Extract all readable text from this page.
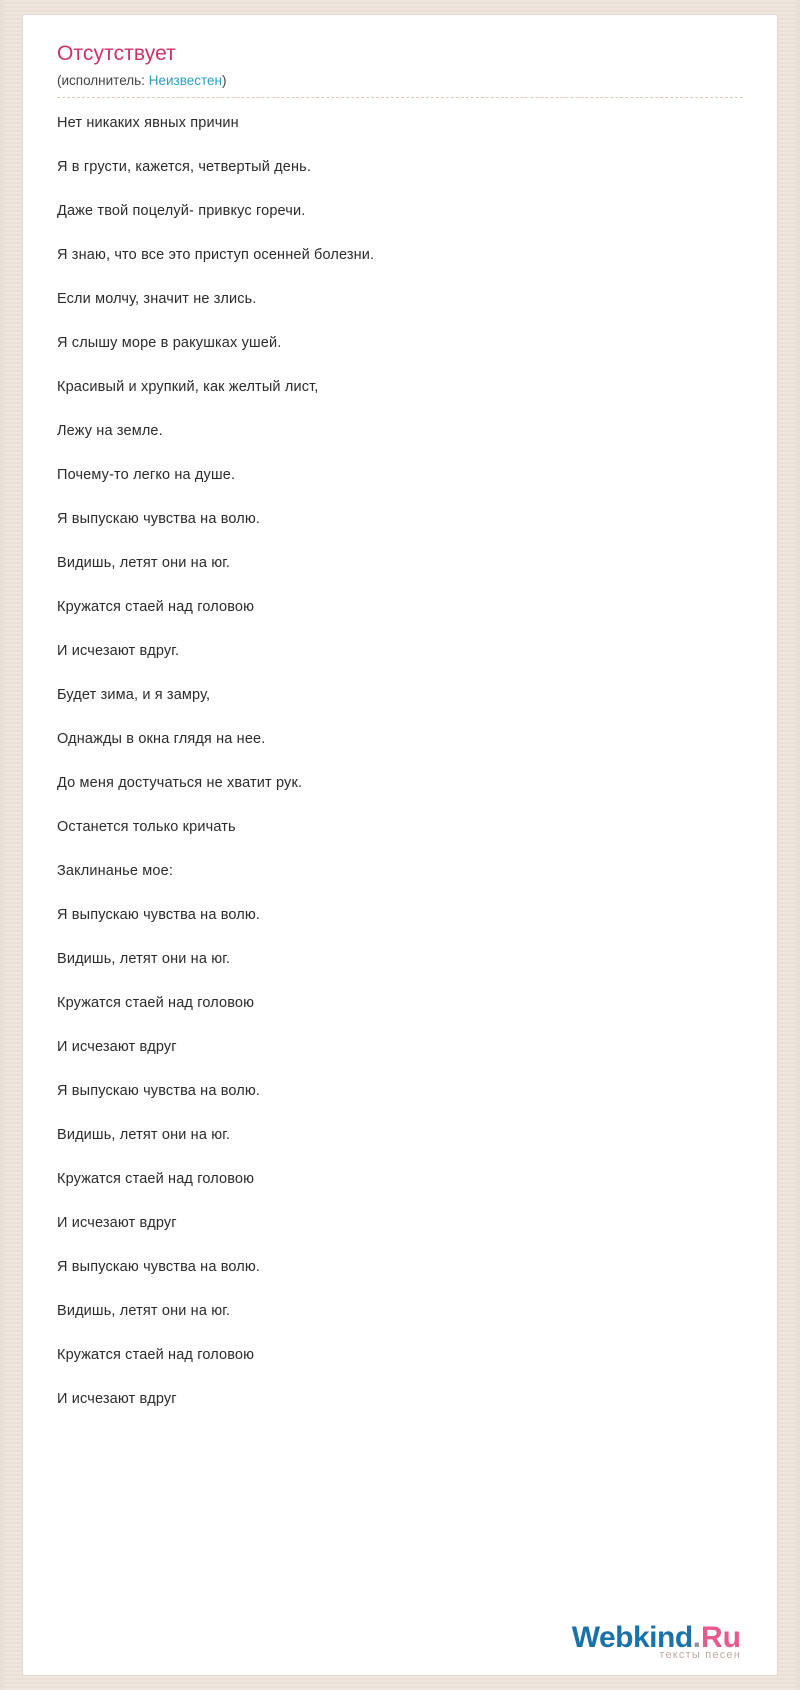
Отсутствует
(исполнитель: Неизвестен)

Нет никаких явных причин

Я в грусти, кажется, четвертый день.

Даже твой поцелуй- привкус горечи.

Я знаю, что все это приступ осенней болезни.

Если молчу, значит не злись.

Я слышу море в ракушках ушей.

Красивый и хрупкий, как желтый лист,

Лежу на земле.

Почему-то легко на душе.

Я выпускаю чувства на волю.

Видишь, летят они на юг.

Кружатся стаей над головою

И исчезают вдруг.

Будет зима, и я замру,

Однажды в окна глядя на нее.

До меня достучаться не хватит рук.

Останется только кричать

Заклинанье мое:

Я выпускаю чувства на волю.

Видишь, летят они на юг.

Кружатся стаей над головою

И исчезают вдруг

Я выпускаю чувства на волю.

Видишь, летят они на юг.

Кружатся стаей над головою

И исчезают вдруг

Я выпускаю чувства на волю.

Видишь, летят они на юг.

Кружатся стаей над головою

И исчезают вдруг

Webkind.Ru
тексты песен
